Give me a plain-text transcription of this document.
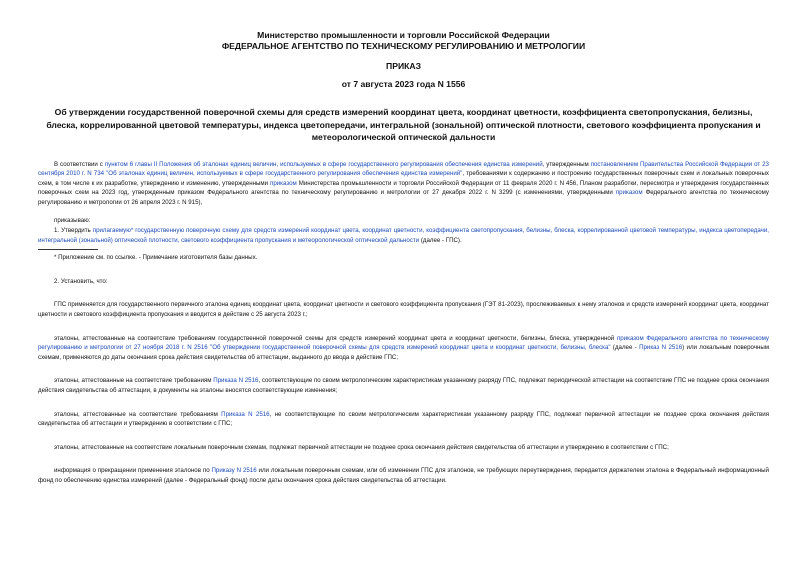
Министерство промышленности и торговли Российской Федерации
ФЕДЕРАЛЬНОЕ АГЕНТСТВО ПО ТЕХНИЧЕСКОМУ РЕГУЛИРОВАНИЮ И МЕТРОЛОГИИ
ПРИКАЗ
от 7 августа 2023 года N 1556
Об утверждении государственной поверочной схемы для средств измерений координат цвета, координат цветности, коэффициента светопропускания, белизны, блеска, коррелированной цветовой температуры, индекса цветопередачи, интегральной (зональной) оптической плотности, светового коэффициента пропускания и метеорологической оптической дальности

В соответствии с пунктом 6 главы II Положения об эталонах единиц величин, используемых в сфере государственного регулирования обеспечения единства измерений, утвержденным постановлением Правительства Российской Федерации от 23 сентября 2010 г. N 734 "Об эталонах единиц величин, используемых в сфере государственного регулирования обеспечения единства измерений", требованиями к содержанию и построению государственных поверочных схем и локальных поверочных схем, в том числе к их разработке, утверждению и изменению, утвержденными приказом Министерства промышленности и торговли Российской Федерации от 11 февраля 2020 г. N 456, Планом разработки, пересмотра и утверждения государственных поверочных схем на 2023 год, утвержденным приказом Федерального агентства по техническому регулированию и метрологии от 27 декабря 2022 г. N 3299 (с изменениями, утвержденными приказом Федерального агентства по техническому регулированию и метрологии от 26 апреля 2023 г. N 915),

приказываю:

1. Утвердить прилагаемую* государственную поверочную схему для средств измерений координат цвета, координат цветности, коэффициента светопропускания, белизны, блеска, коррелированной цветовой температуры, индекса цветопередачи, интегральной (зональной) оптической плотности, светового коэффициента пропускания и метеорологической оптической дальности (далее - ГПС).

* Приложение см. по ссылке. - Примечание изготовителя базы данных.

2. Установить, что:

ГПС применяется для государственного первичного эталона единиц координат цвета, координат цветности и светового коэффициента пропускания (ГЭТ 81-2023), прослеживаемых к нему эталонов и средств измерений координат цвета, координат цветности и светового коэффициента пропускания и вводится в действие с 25 августа 2023 г.;

эталоны, аттестованные на соответствие требованиям государственной поверочной схемы для средств измерений координат цвета и координат цветности, белизны, блеска, утвержденной приказом Федерального агентства по техническому регулированию и метрологии от 27 ноября 2018 г. N 2516 "Об утверждении государственной поверочной схемы для средств измерений координат цвета и координат цветности, белизны, блеска" (далее - Приказ N 2516) или локальным поверочным схемам, применяются до даты окончания срока действия свидетельства об аттестации, выданного до ввода в действие ГПС;

эталоны, аттестованные на соответствие требованиям Приказа N 2516, соответствующие по своим метрологическим характеристикам указанному разряду ГПС, подлежат периодической аттестации на соответствие ГПС не позднее срока окончания действия свидетельства об аттестации, в документы на эталоны вносятся соответствующие изменения;

эталоны, аттестованные на соответствие требованиям Приказа N 2516, не соответствующие по своим метрологическим характеристикам указанному разряду ГПС, подлежат первичной аттестации не позднее срока окончания действия свидетельства об аттестации и утверждению в соответствии с ГПС;

эталоны, аттестованные на соответствие локальным поверочным схемам, подлежат первичной аттестации не позднее срока окончания действия свидетельства об аттестации и утверждению в соответствии с ГПС;

информация о прекращении применения эталонов по Приказу N 2516 или локальным поверочным схемам, или об изменении ГПС для эталонов, не требующих переутверждения, передается держателем эталона в Федеральный информационный фонд по обеспечению единства измерений (далее - Федеральный фонд) после даты окончания срока действия свидетельства об аттестации.
